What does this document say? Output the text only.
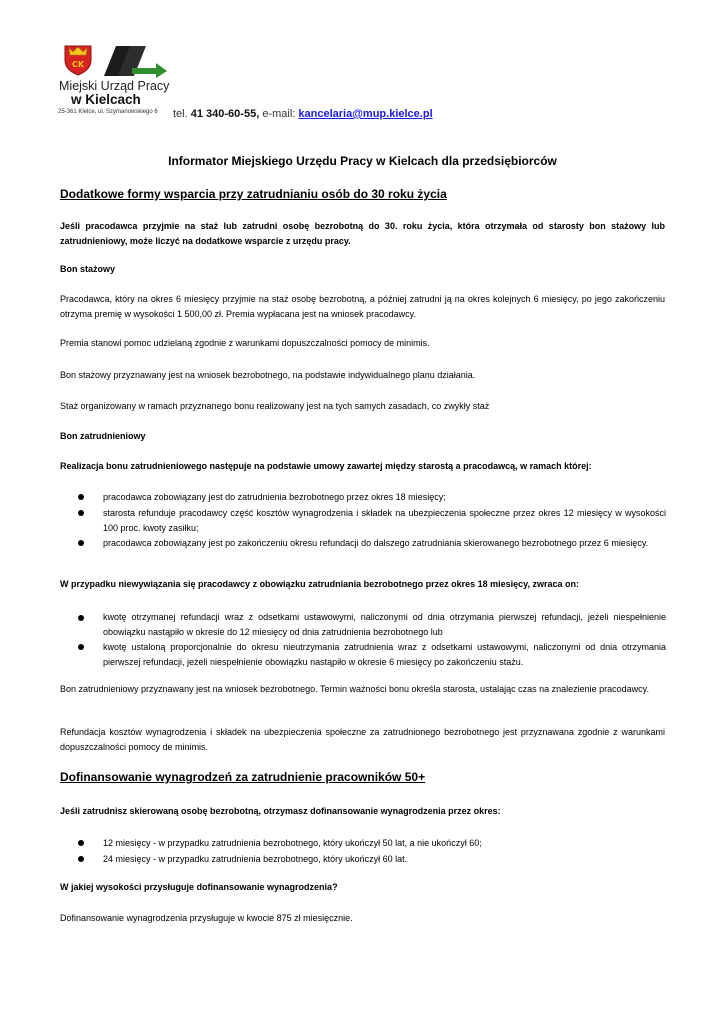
CK
Miejski Urząd Pracy
w Kielcach
25-361 Kielce, ul. Szymanowskiego 6 tel. 41 340-60-55, e-mail: kancelaria@mup.kielce.pl
Informator Miejskiego Urzędu Pracy w Kielcach dla przedsiębiorców
Dodatkowe formy wsparcia przy zatrudnianiu osób do 30 roku życia
Jeśli pracodawca przyjmie na staż lub zatrudni osobę bezrobotną do 30. roku życia, która otrzymała od starosty bon stażowy lub zatrudnieniowy, może liczyć na dodatkowe wsparcie z urzędu pracy.
Bon stażowy
Pracodawca, który na okres 6 miesięcy przyjmie na staż osobę bezrobotną, a później zatrudni ją na okres kolejnych 6 miesięcy, po jego zakończeniu otrzyma premię w wysokości 1 500,00 zł. Premia wypłacana jest na wniosek pracodawcy.
Premia stanowi pomoc udzielaną zgodnie z warunkami dopuszczalności pomocy de minimis.
Bon stażowy przyznawany jest na wniosek bezrobotnego, na podstawie indywidualnego planu działania.
Staż organizowany w ramach przyznanego bonu realizowany jest na tych samych zasadach, co zwykły staż
Bon zatrudnieniowy
Realizacja bonu zatrudnieniowego następuje na podstawie umowy zawartej między starostą a pracodawcą, w ramach której:
pracodawca zobowiązany jest do zatrudnienia bezrobotnego przez okres 18 miesięcy;
starosta refunduje pracodawcy część kosztów wynagrodzenia i składek na ubezpieczenia społeczne przez okres 12 miesięcy w wysokości 100 proc. kwoty zasiłku;
pracodawca zobowiązany jest po zakończeniu okresu refundacji do dalszego zatrudniania skierowanego bezrobotnego przez 6 miesięcy.
W przypadku niewywiązania się pracodawcy z obowiązku zatrudniania bezrobotnego przez okres 18 miesięcy, zwraca on:
kwotę otrzymanej refundacji wraz z odsetkami ustawowymi, naliczonymi od dnia otrzymania pierwszej refundacji, jeżeli niespełnienie obowiązku nastąpiło w okresie do 12 miesięcy od dnia zatrudnienia bezrobotnego lub
kwotę ustaloną proporcjonalnie do okresu nieutrzymania zatrudnienia wraz z odsetkami ustawowymi, naliczonymi od dnia otrzymania pierwszej refundacji, jeżeli niespełnienie obowiązku nastąpiło w okresie 6 miesięcy po zakończeniu stażu.
Bon zatrudnieniowy przyznawany jest na wniosek bezrobotnego. Termin ważności bonu określa starosta, ustalając czas na znalezienie pracodawcy.
Refundacja kosztów wynagrodzenia i składek na ubezpieczenia społeczne za zatrudnionego bezrobotnego jest przyznawana zgodnie z warunkami dopuszczalności pomocy de minimis.
Dofinansowanie wynagrodzeń za zatrudnienie pracowników 50+
Jeśli zatrudnisz skierowaną osobę bezrobotną, otrzymasz dofinansowanie wynagrodzenia przez okres:
12 miesięcy - w przypadku zatrudnienia bezrobotnego, który ukończył 50 lat, a nie ukończył 60;
24 miesięcy - w przypadku zatrudnienia bezrobotnego, który ukończył 60 lat.
W jakiej wysokości przysługuje dofinansowanie wynagrodzenia?
Dofinansowanie wynagrodzenia przysługuje w kwocie 875 zł miesięcznie.
